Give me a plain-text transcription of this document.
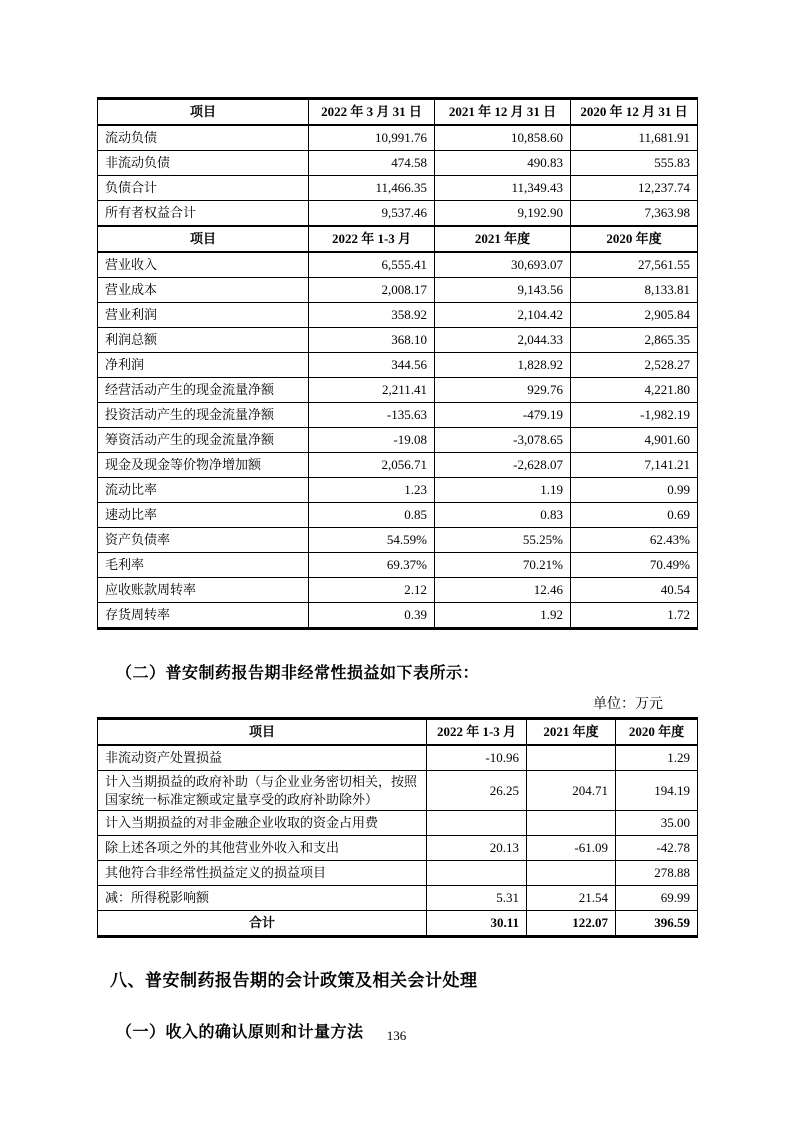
项目	2022 年 3 月 31 日	2021 年 12 月 31 日	2020 年 12 月 31 日
流动负债	10,991.76	10,858.60	11,681.91
非流动负债	474.58	490.83	555.83
负债合计	11,466.35	11,349.43	12,237.74
所有者权益合计	9,537.46	9,192.90	7,363.98
项目	2022 年 1-3 月	2021 年度	2020 年度
营业收入	6,555.41	30,693.07	27,561.55
营业成本	2,008.17	9,143.56	8,133.81
营业利润	358.92	2,104.42	2,905.84
利润总额	368.10	2,044.33	2,865.35
净利润	344.56	1,828.92	2,528.27
经营活动产生的现金流量净额	2,211.41	929.76	4,221.80
投资活动产生的现金流量净额	-135.63	-479.19	-1,982.19
筹资活动产生的现金流量净额	-19.08	-3,078.65	4,901.60
现金及现金等价物净增加额	2,056.71	-2,628.07	7,141.21
流动比率	1.23	1.19	0.99
速动比率	0.85	0.83	0.69
资产负债率	54.59%	55.25%	62.43%
毛利率	69.37%	70.21%	70.49%
应收账款周转率	2.12	12.46	40.54
存货周转率	0.39	1.92	1.72
（二）普安制药报告期非经常性损益如下表所示：
单位：万元
项目	2022 年 1-3 月	2021 年度	2020 年度
非流动资产处置损益	-10.96		1.29
计入当期损益的政府补助（与企业业务密切相关，按照国家统一标准定额或定量享受的政府补助除外）	26.25	204.71	194.19
计入当期损益的对非金融企业收取的资金占用费			35.00
除上述各项之外的其他营业外收入和支出	20.13	-61.09	-42.78
其他符合非经常性损益定义的损益项目			278.88
减：所得税影响额	5.31	21.54	69.99
合计	30.11	122.07	396.59
八、普安制药报告期的会计政策及相关会计处理
（一）收入的确认原则和计量方法	136
